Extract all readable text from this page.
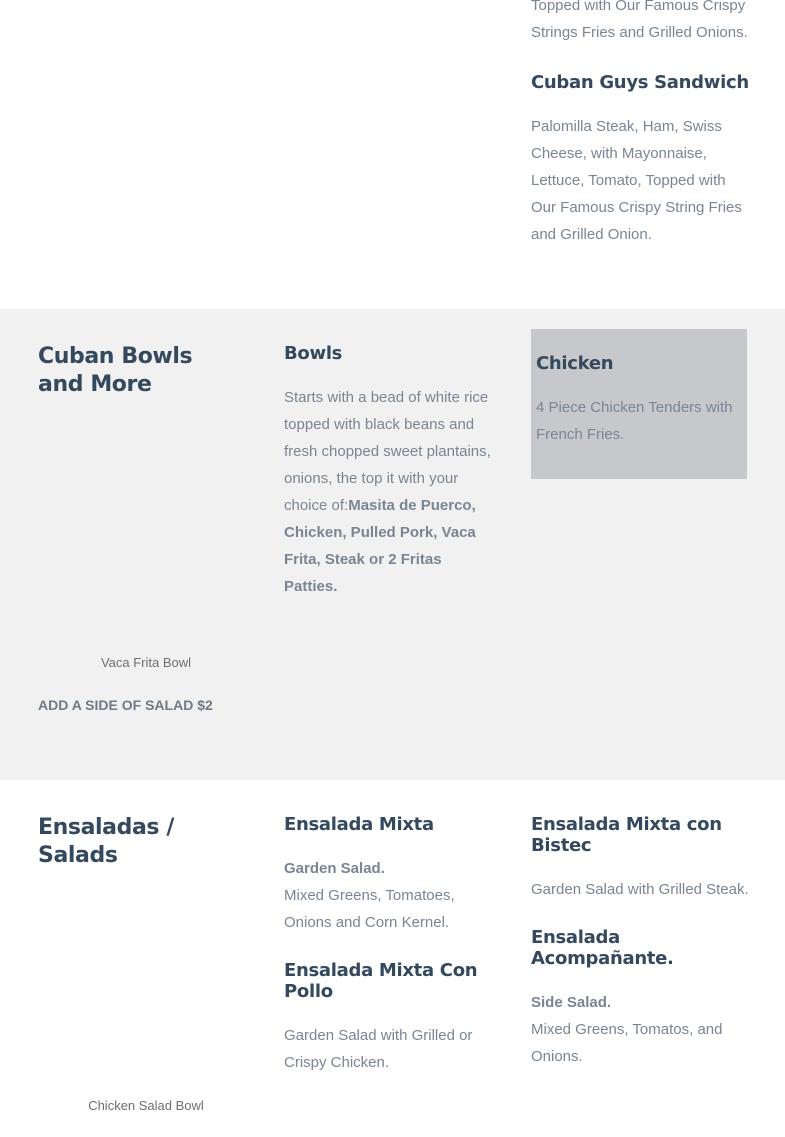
Topped with Our Famous Crispy Strings Fries and Grilled Onions.

Cuban Guys Sandwich

Palomilla Steak, Ham, Swiss Cheese, with Mayonnaise, Lettuce, Tomato, Topped with Our Famous Crispy String Fries and Grilled Onion.

Cuban Bowls and More
Vaca Frita Bowl
ADD A SIDE OF SALAD $2
Bowls

Starts with a bead of white rice topped with black beans and fresh chopped sweet plantains, onions, the top it with your choice of:Masita de Puerco, Chicken, Pulled Pork, Vaca Frita, Steak or 2 Fritas Patties.

Chicken

4 Piece Chicken Tenders with French Fries.

Ensaladas / Salads
Chicken Salad Bowl
Ensalada Mixta

Garden Salad.
Mixed Greens, Tomatoes, Onions and Corn Kernel.

Ensalada Mixta Con Pollo

Garden Salad with Grilled or Crispy Chicken.

Ensalada Mixta con Bistec

Garden Salad with Grilled Steak.

Ensalada Acompañante.

Side Salad.
Mixed Greens, Tomatos, and Onions.
